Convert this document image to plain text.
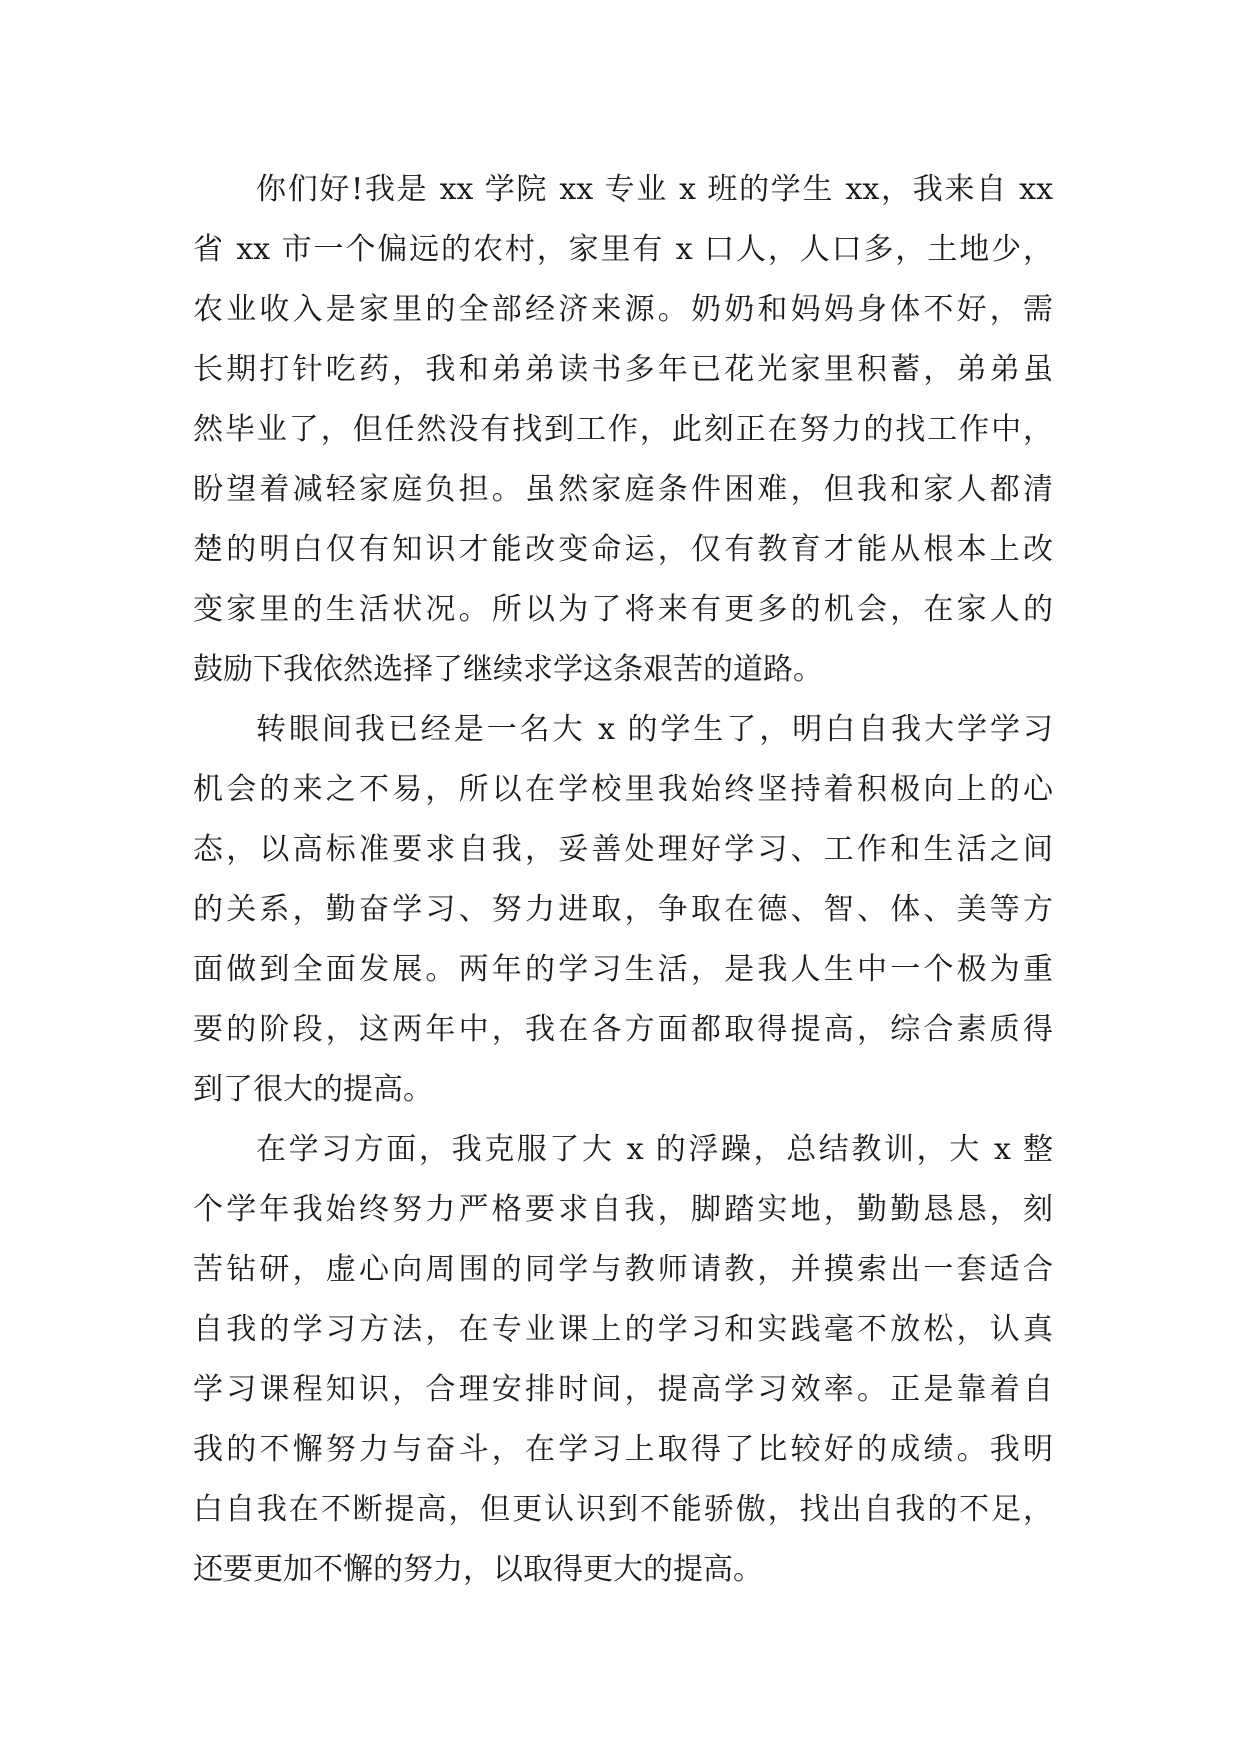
你们好!我是 xx 学院 xx 专业 x 班的学生 xx，我来自 xx
省 xx 市一个偏远的农村，家里有 x 口人，人口多，土地少，
农业收入是家里的全部经济来源。奶奶和妈妈身体不好，需
长期打针吃药，我和弟弟读书多年已花光家里积蓄，弟弟虽
然毕业了，但任然没有找到工作，此刻正在努力的找工作中，
盼望着减轻家庭负担。虽然家庭条件困难，但我和家人都清
楚的明白仅有知识才能改变命运，仅有教育才能从根本上改
变家里的生活状况。所以为了将来有更多的机会，在家人的
鼓励下我依然选择了继续求学这条艰苦的道路。
转眼间我已经是一名大 x 的学生了，明白自我大学学习
机会的来之不易，所以在学校里我始终坚持着积极向上的心
态，以高标准要求自我，妥善处理好学习、工作和生活之间
的关系，勤奋学习、努力进取，争取在德、智、体、美等方
面做到全面发展。两年的学习生活，是我人生中一个极为重
要的阶段，这两年中，我在各方面都取得提高，综合素质得
到了很大的提高。
在学习方面，我克服了大 x 的浮躁，总结教训，大 x 整
个学年我始终努力严格要求自我，脚踏实地，勤勤恳恳，刻
苦钻研，虚心向周围的同学与教师请教，并摸索出一套适合
自我的学习方法，在专业课上的学习和实践毫不放松，认真
学习课程知识，合理安排时间，提高学习效率。正是靠着自
我的不懈努力与奋斗，在学习上取得了比较好的成绩。我明
白自我在不断提高，但更认识到不能骄傲，找出自我的不足，
还要更加不懈的努力，以取得更大的提高。
